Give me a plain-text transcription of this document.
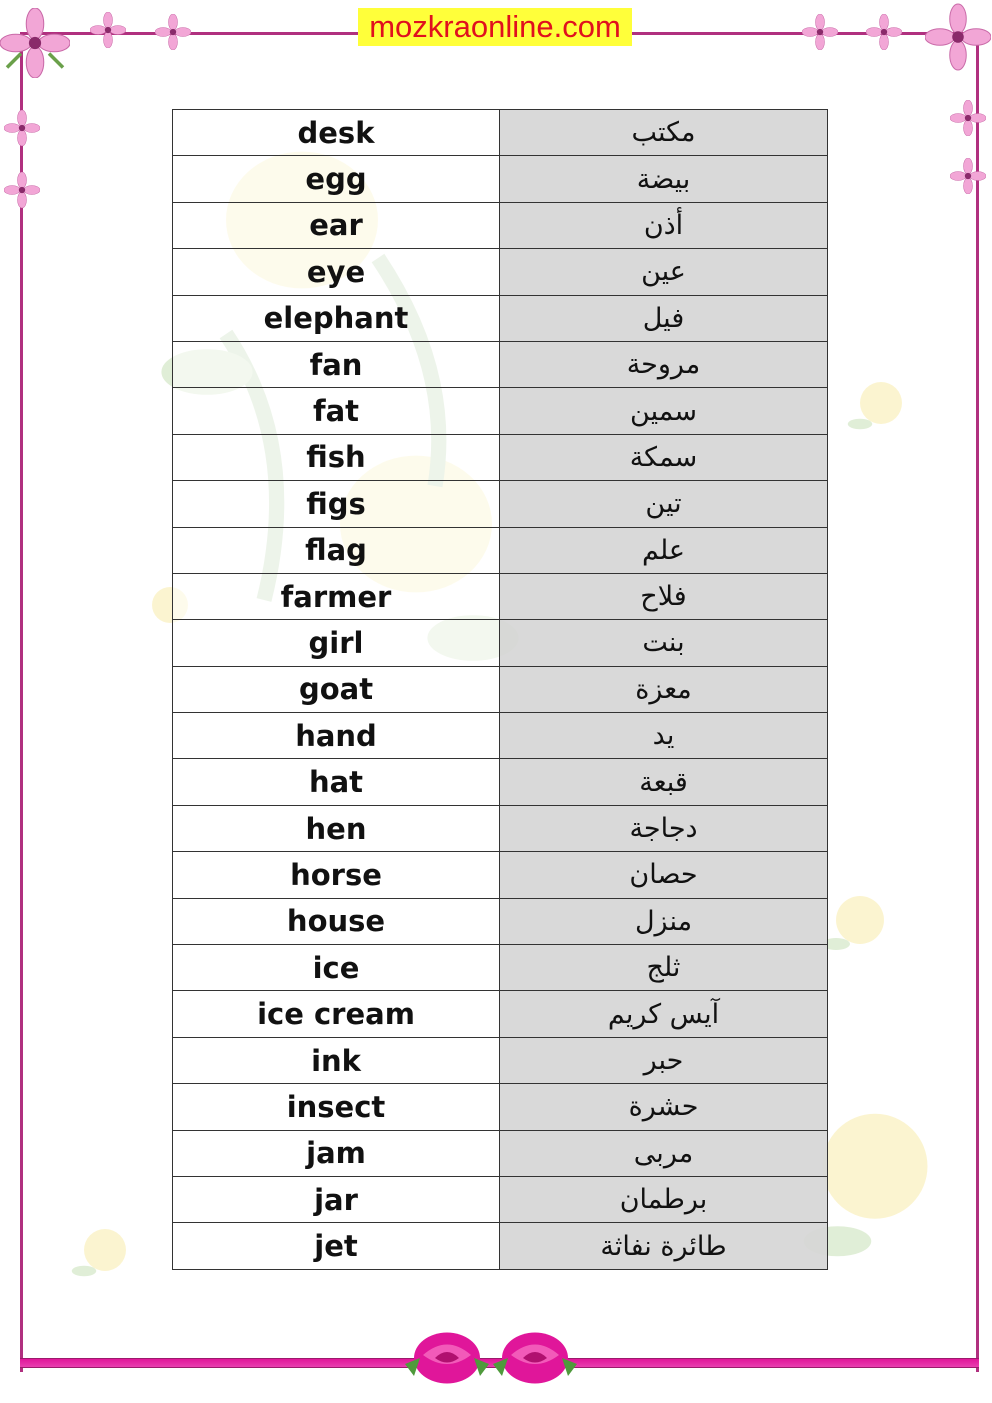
mozkraonline.com
desk	مكتب
egg	بيضة
ear	أذن
eye	عين
elephant	فيل
fan	مروحة
fat	سمين
fish	سمكة
figs	تين
flag	علم
farmer	فلاح
girl	بنت
goat	معزة
hand	يد
hat	قبعة
hen	دجاجة
horse	حصان
house	منزل
ice	ثلج
ice cream	آيس كريم
ink	حبر
insect	حشرة
jam	مربى
jar	برطمان
jet	طائرة نفاثة
